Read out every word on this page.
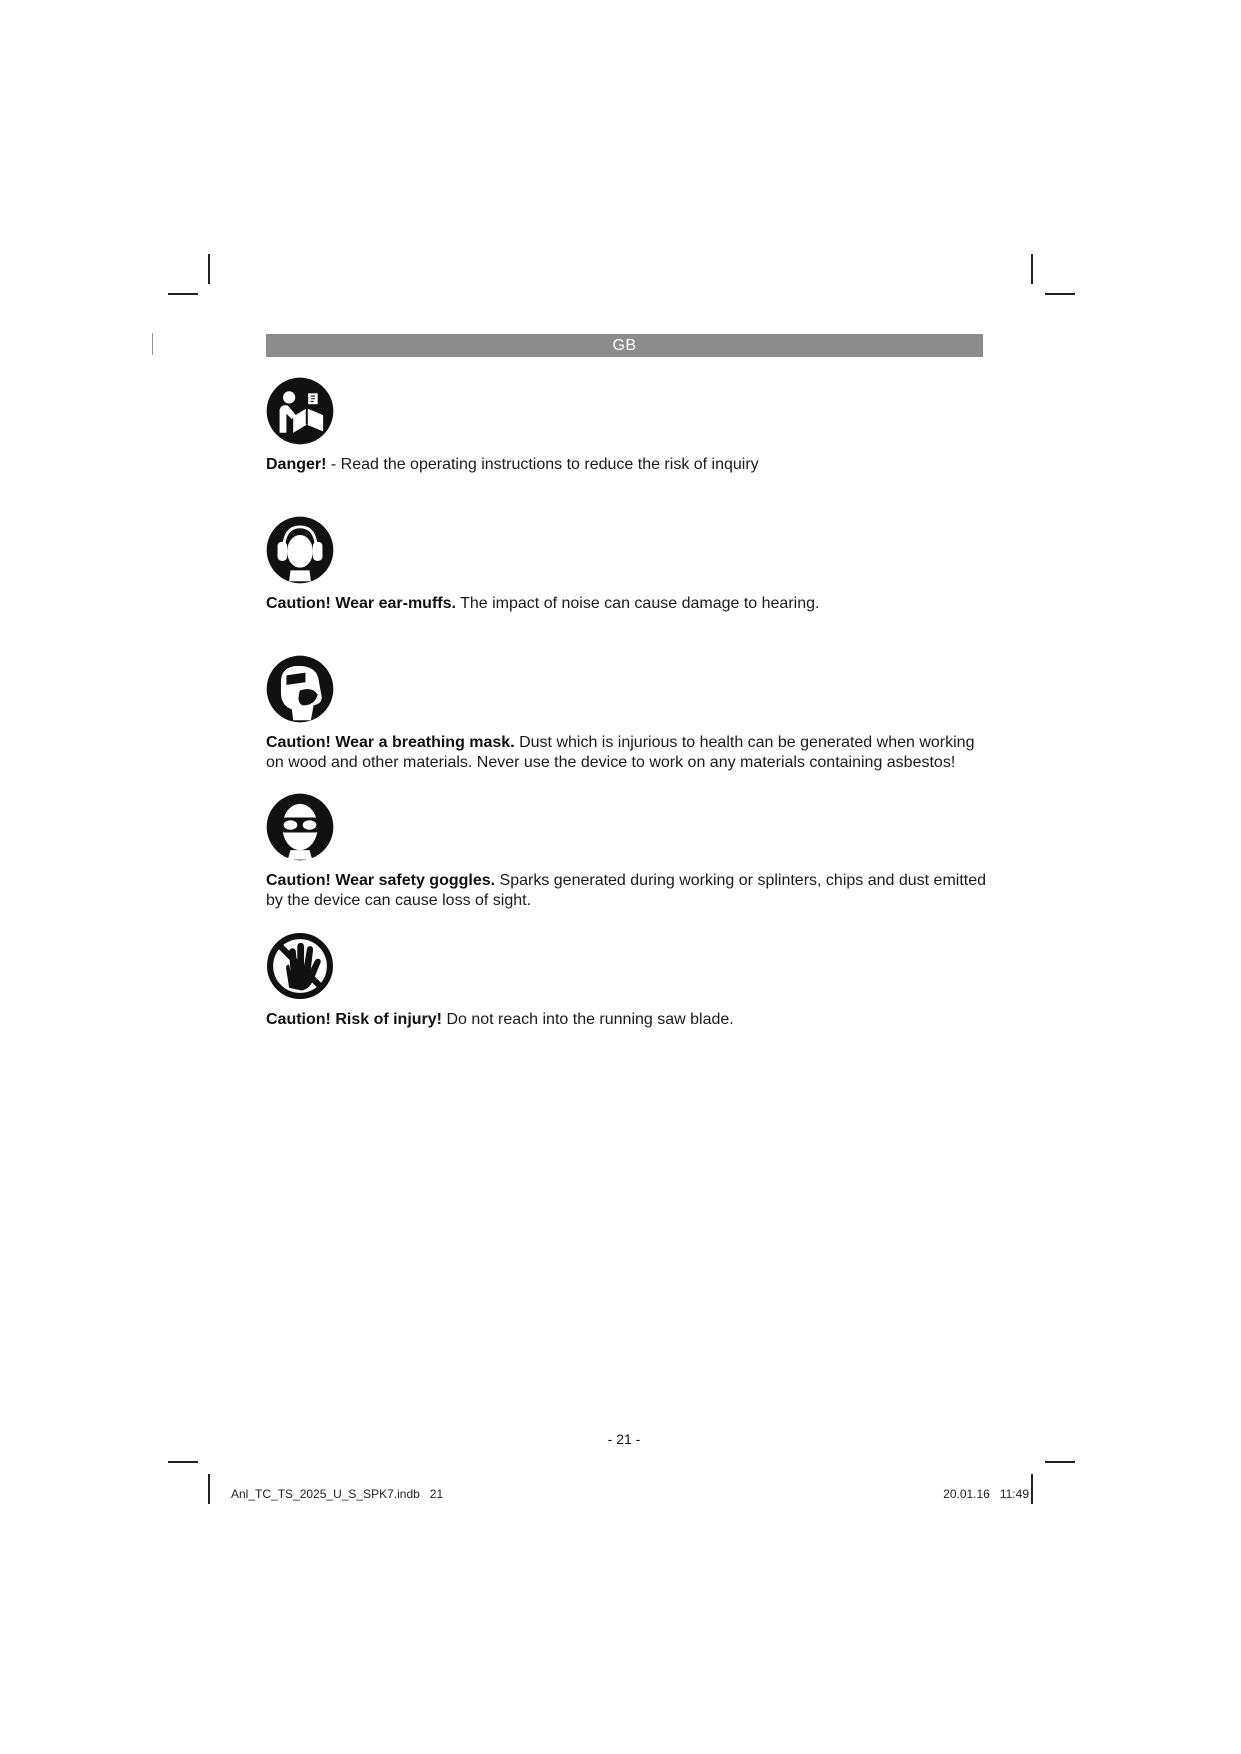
GB

Danger! - Read the operating instructions to reduce the risk of inquiry

Caution! Wear ear-muffs. The impact of noise can cause damage to hearing.

Caution! Wear a breathing mask. Dust which is injurious to health can be generated when working on wood and other materials. Never use the device to work on any materials containing asbestos!

Caution! Wear safety goggles. Sparks generated during working or splinters, chips and dust emitted by the device can cause loss of sight.

Caution! Risk of injury! Do not reach into the running saw blade.

- 21 -
Anl_TC_TS_2025_U_S_SPK7.indb   21	20.01.16   11:49
